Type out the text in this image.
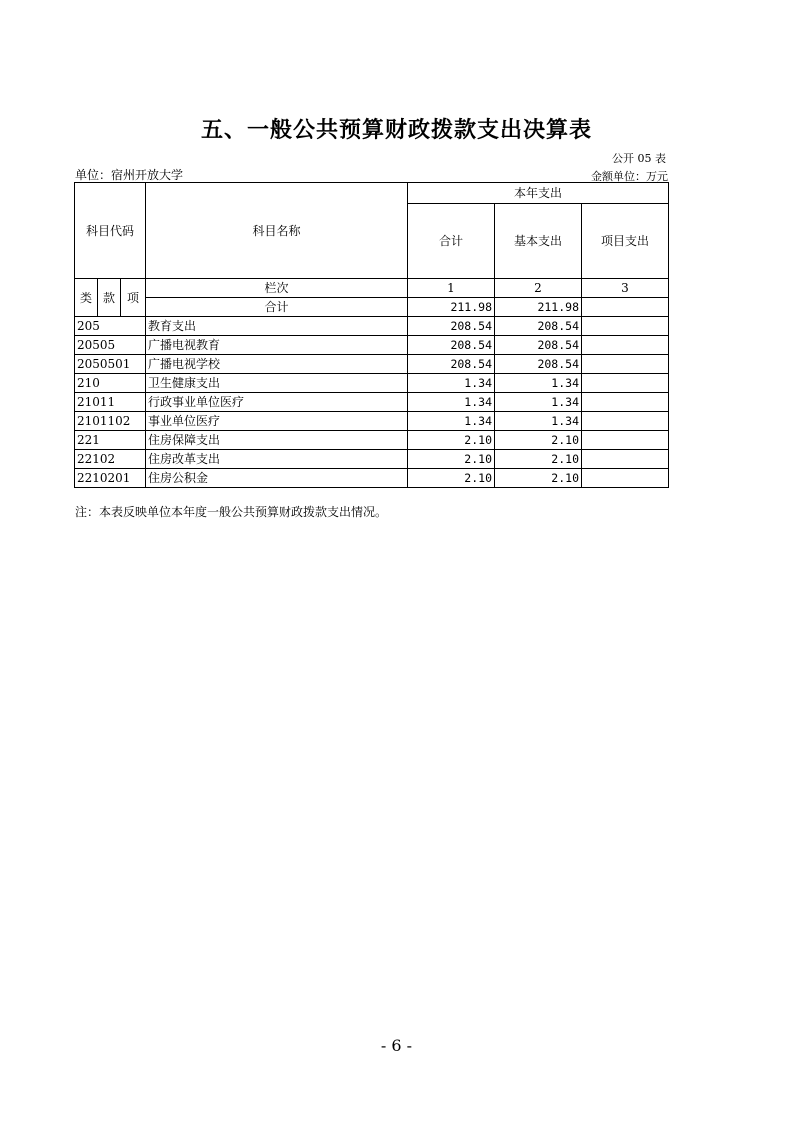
五、一般公共预算财政拨款支出决算表
公开 05 表
单位：宿州开放大学	金额单位：万元
科目代码			科目名称	本年支出		
				合计	基本支出	项目支出
类	款	项	栏次	1	2	3
			合计	211.98	211.98	
205			教育支出	208.54	208.54	
20505			广播电视教育	208.54	208.54	
2050501			广播电视学校	208.54	208.54	
210			卫生健康支出	1.34	1.34	
21011			行政事业单位医疗	1.34	1.34	
2101102			事业单位医疗	1.34	1.34	
221			住房保障支出	2.10	2.10	
22102			住房改革支出	2.10	2.10	
2210201			住房公积金	2.10	2.10	
注：本表反映单位本年度一般公共预算财政拨款支出情况。
- 6 -
